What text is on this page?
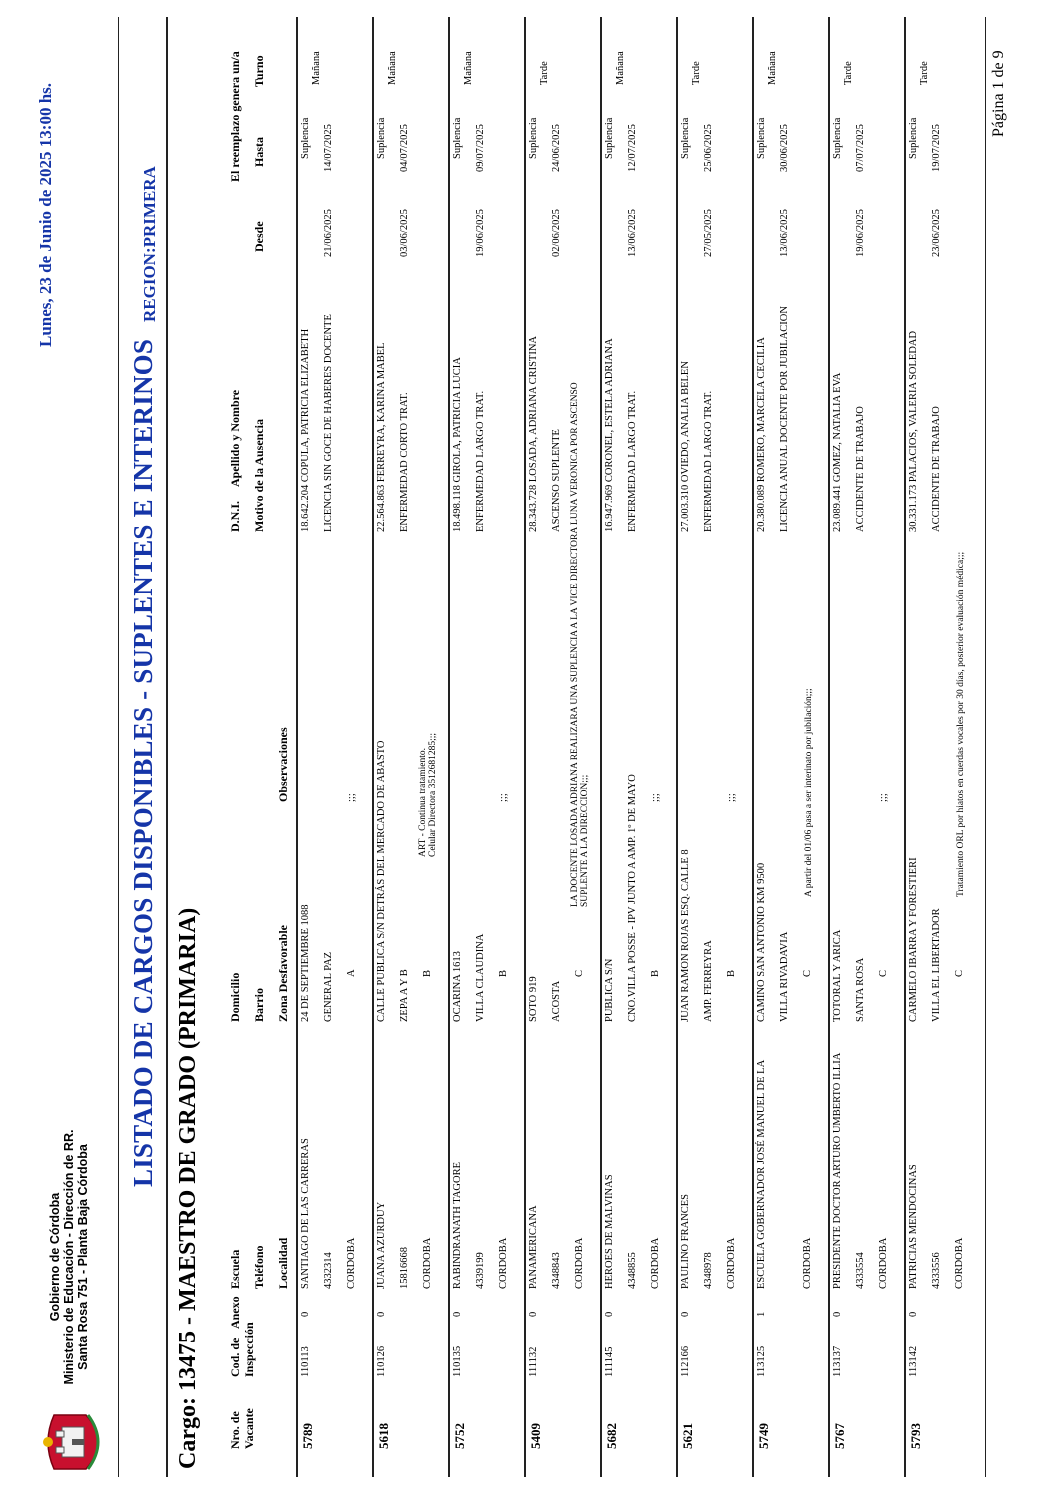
Gobierno de Córdoba Ministerio de Educación - Dirección de RR. Santa Rosa 751 - Planta Baja Córdoba
Lunes, 23 de Junio de 2025 13:00 hs.
LISTADO DE CARGOS DISPONIBLES - SUPLENTES E INTERINOS
REGION:PRIMERA
Cargo: 13475 - MAESTRO DE GRADO (PRIMARIA) Nro. de Vacante
Cod. de Inspección
Anexo
Escuela Teléfono Localidad
Domicilio Barrio Zona Desfavorable
Observaciones
D.N.I.
Apellido y Nombre Motivo de la Ausencia
Desde
El reemplazo genera un/a Hasta
Turno
5789
110113
0
SANTIAGO DE LAS CARRERAS 4332314 CORDOBA
24 DE SEPTIEMBRE 1088 GENERAL PAZ A
18.642.204 COPULA, PATRICIA ELIZABETH LICENCIA SIN GOCE DE HABERES DOCENTE
21/06/2025
Suplencia 14/07/2025
Mañana
;;;
5618
110126
0
JUANA AZURDUY 15816668 CORDOBA
CALLE PUBLICA S/N DETRÁS DEL MERCADO DE ABASTO ZEPA A Y B B
22.564.863 FERREYRA, KARINA MABEL ENFERMEDAD CORTO TRAT.
03/06/2025
Suplencia 04/07/2025
Mañana
ART - Continua tratamiento. Celular Directora 3512681285;;;
5752
110135
0
RABINDRANATH TAGORE 4339199 CORDOBA
OCARINA 1613 VILLA CLAUDINA B
18.498.118 GIROLA, PATRICIA LUCIA ENFERMEDAD LARGO TRAT.
19/06/2025
Suplencia 09/07/2025
Mañana
;;;
5409
111132
0
PANAMERICANA 4348843 CORDOBA
SOTO 919 ACOSTA
C
28.343.728 LOSADA, ADRIANA CRISTINA ASCENSO SUPLENTE
02/06/2025
Suplencia 24/06/2025
Tarde
LA DOCENTE LOSADA ADRIANA REALIZARA UNA SUPLENCIA A LA VICE DIRECTORA LUNA VERONICA POR ASCENSO SUPLENTE A LA DIRECCION;;;
5682
111145
0
HEROES DE MALVINAS 4348855 CORDOBA
PUBLICA S/N CNO.VILLA POSSE - IPV JUNTO A AMP. 1º DE MAYO B
16.947.969 CORONEL, ESTELA ADRIANA ENFERMEDAD LARGO TRAT.
13/06/2025
Suplencia 12/07/2025
Mañana
;;;
5621
112166
0
PAULINO FRANCES 4348978 CORDOBA
JUAN RAMON ROJAS ESQ. CALLE 8 AMP. FERREYRA B
27.003.310 OVIEDO, ANALIA BELEN ENFERMEDAD LARGO TRAT.
27/05/2025
Suplencia 25/06/2025
Tarde
;;;
5749
113125
1
ESCUELA GOBERNADOR JOSÉ MANUEL DE LA	CORDOBA
CAMINO SAN ANTONIO KM 9500 VILLA RIVADAVIA C
20.380.089 ROMERO, MARCELA CECILIA LICENCIA ANUAL DOCENTE POR JUBILACION
13/06/2025
Suplencia 30/06/2025
Mañana
A partir del 01/06 pasa a ser interinato por jubilación;;;
5767
113137
0
PRESIDENTE DOCTOR ARTURO UMBERTO ILLIA 4333554 CORDOBA
TOTORAL Y ARICA SANTA ROSA C
23.089.441 GOMEZ, NATALIA EVA ACCIDENTE DE TRABAJO
19/06/2025
Suplencia 07/07/2025
Tarde
;;;
5793
113142
0
PATRICIAS MENDOCINAS 4333556 CORDOBA
CARMELO IBARRA Y FORESTIERI VILLA EL LIBERTADOR C
30.331.173 PALACIOS, VALERIA SOLEDAD ACCIDENTE DE TRABAJO
23/06/2025
Suplencia 19/07/2025
Tarde
Tratamiento ORL por hiatos en cuerdas vocales por 30 días, posterior evaluación médica;;;
Página 1 de 9
